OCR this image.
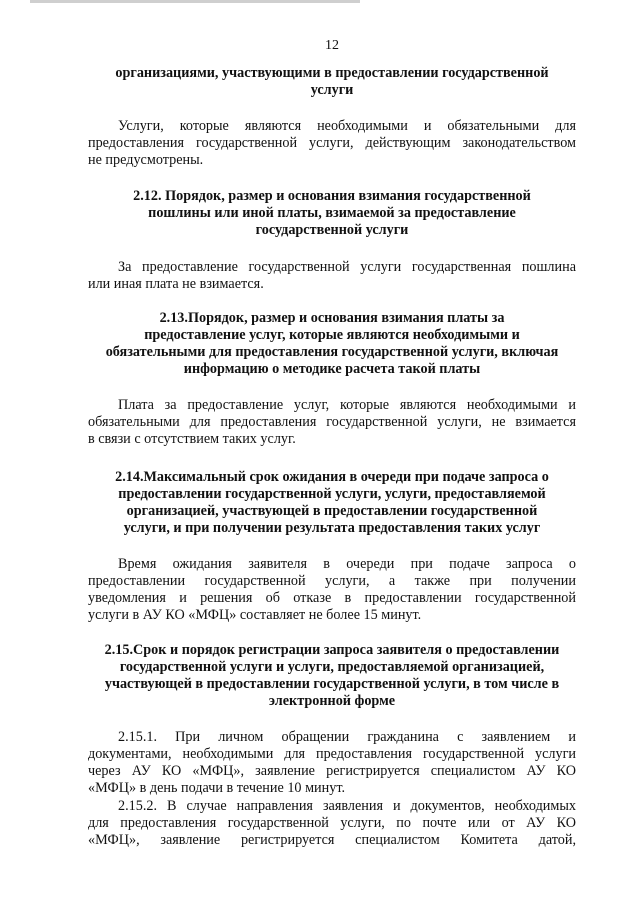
12
организациями, участвующими в предоставлении государственной
услуги
Услуги, которые являются необходимыми и обязательными для
предоставления государственной услуги, действующим законодательством
не предусмотрены.
2.12. Порядок, размер и основания взимания государственной
пошлины или иной платы, взимаемой за предоставление
государственной услуги
За предоставление государственной услуги государственная пошлина
или иная плата не взимается.
2.13.Порядок, размер и основания взимания платы за
предоставление услуг, которые являются необходимыми и
обязательными для предоставления государственной услуги, включая
информацию о методике расчета такой платы
Плата за предоставление услуг, которые являются необходимыми и
обязательными для предоставления государственной услуги, не взимается
в связи с отсутствием таких услуг.
2.14.Максимальный срок ожидания в очереди при подаче запроса о
предоставлении государственной услуги, услуги, предоставляемой
организацией, участвующей в предоставлении государственной
услуги, и при получении результата предоставления таких услуг
Время ожидания заявителя в очереди при подаче запроса о
предоставлении государственной услуги, а также при получении
уведомления и решения об отказе в предоставлении государственной
услуги в АУ КО «МФЦ» составляет не более 15 минут.
2.15.Срок и порядок регистрации запроса заявителя о предоставлении
государственной услуги и услуги, предоставляемой организацией,
участвующей в предоставлении государственной услуги, в том числе в
электронной форме
2.15.1. При личном обращении гражданина с заявлением и
документами, необходимыми для предоставления государственной услуги
через АУ КО «МФЦ», заявление регистрируется специалистом АУ КО
«МФЦ» в день подачи в течение 10 минут.
2.15.2. В случае направления заявления и документов, необходимых
для предоставления государственной услуги, по почте или от АУ КО
«МФЦ», заявление регистрируется специалистом Комитета датой,
